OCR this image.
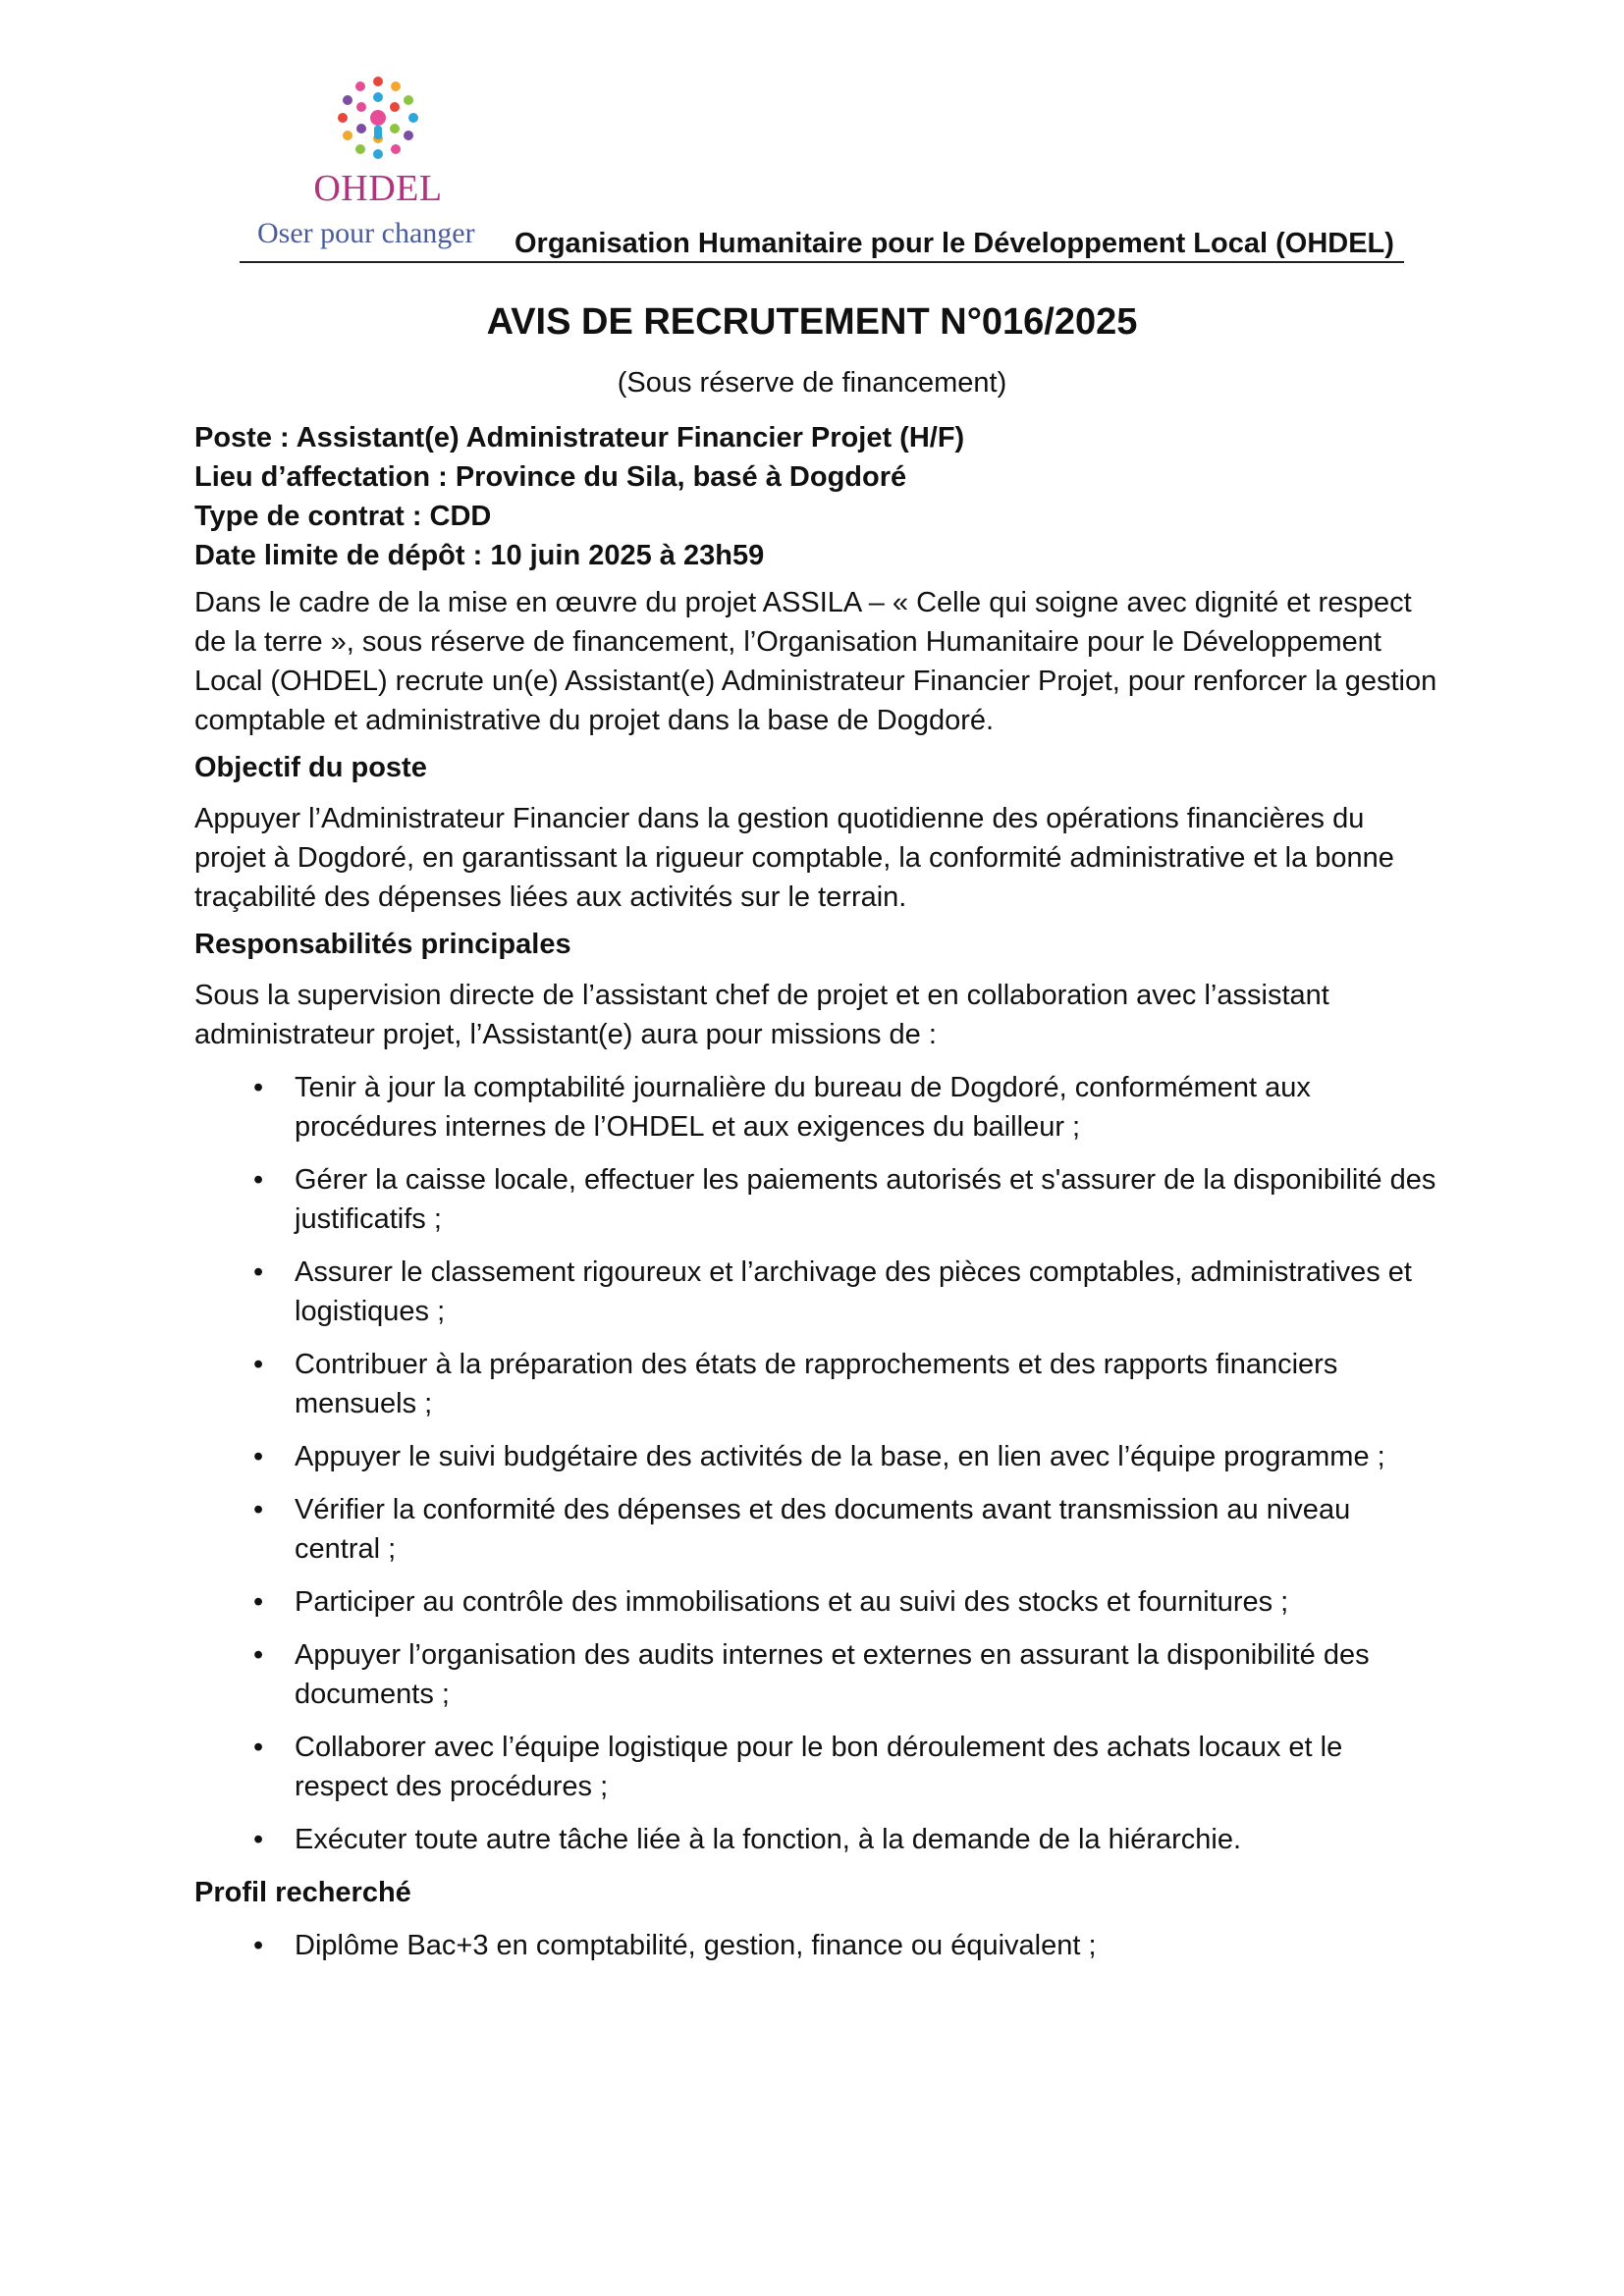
OHDEL
Oser pour changer Organisation Humanitaire pour le Développement Local (OHDEL)
AVIS DE RECRUTEMENT N°016/2025
(Sous réserve de financement)

Poste : Assistant(e) Administrateur Financier Projet (H/F)

Lieu d’affectation : Province du Sila, basé à Dogdoré

Type de contrat : CDD

Date limite de dépôt : 10 juin 2025 à 23h59

Dans le cadre de la mise en œuvre du projet ASSILA – « Celle qui soigne avec dignité et respect de la terre », sous réserve de financement, l’Organisation Humanitaire pour le Développement Local (OHDEL) recrute un(e) Assistant(e) Administrateur Financier Projet, pour renforcer la gestion comptable et administrative du projet dans la base de Dogdoré.

Objectif du poste

Appuyer l’Administrateur Financier dans la gestion quotidienne des opérations financières du projet à Dogdoré, en garantissant la rigueur comptable, la conformité administrative et la bonne traçabilité des dépenses liées aux activités sur le terrain.

Responsabilités principales

Sous la supervision directe de l’assistant chef de projet et en collaboration avec l’assistant administrateur projet, l’Assistant(e) aura pour missions de :

• Tenir à jour la comptabilité journalière du bureau de Dogdoré, conformément aux procédures internes de l’OHDEL et aux exigences du bailleur ;
• Gérer la caisse locale, effectuer les paiements autorisés et s'assurer de la disponibilité des justificatifs ;
• Assurer le classement rigoureux et l’archivage des pièces comptables, administratives et logistiques ;
• Contribuer à la préparation des états de rapprochements et des rapports financiers mensuels ;
• Appuyer le suivi budgétaire des activités de la base, en lien avec l’équipe programme ;
• Vérifier la conformité des dépenses et des documents avant transmission au niveau central ;
• Participer au contrôle des immobilisations et au suivi des stocks et fournitures ;
• Appuyer l’organisation des audits internes et externes en assurant la disponibilité des documents ;
• Collaborer avec l’équipe logistique pour le bon déroulement des achats locaux et le respect des procédures ;
• Exécuter toute autre tâche liée à la fonction, à la demande de la hiérarchie.

Profil recherché

• Diplôme Bac+3 en comptabilité, gestion, finance ou équivalent ;
